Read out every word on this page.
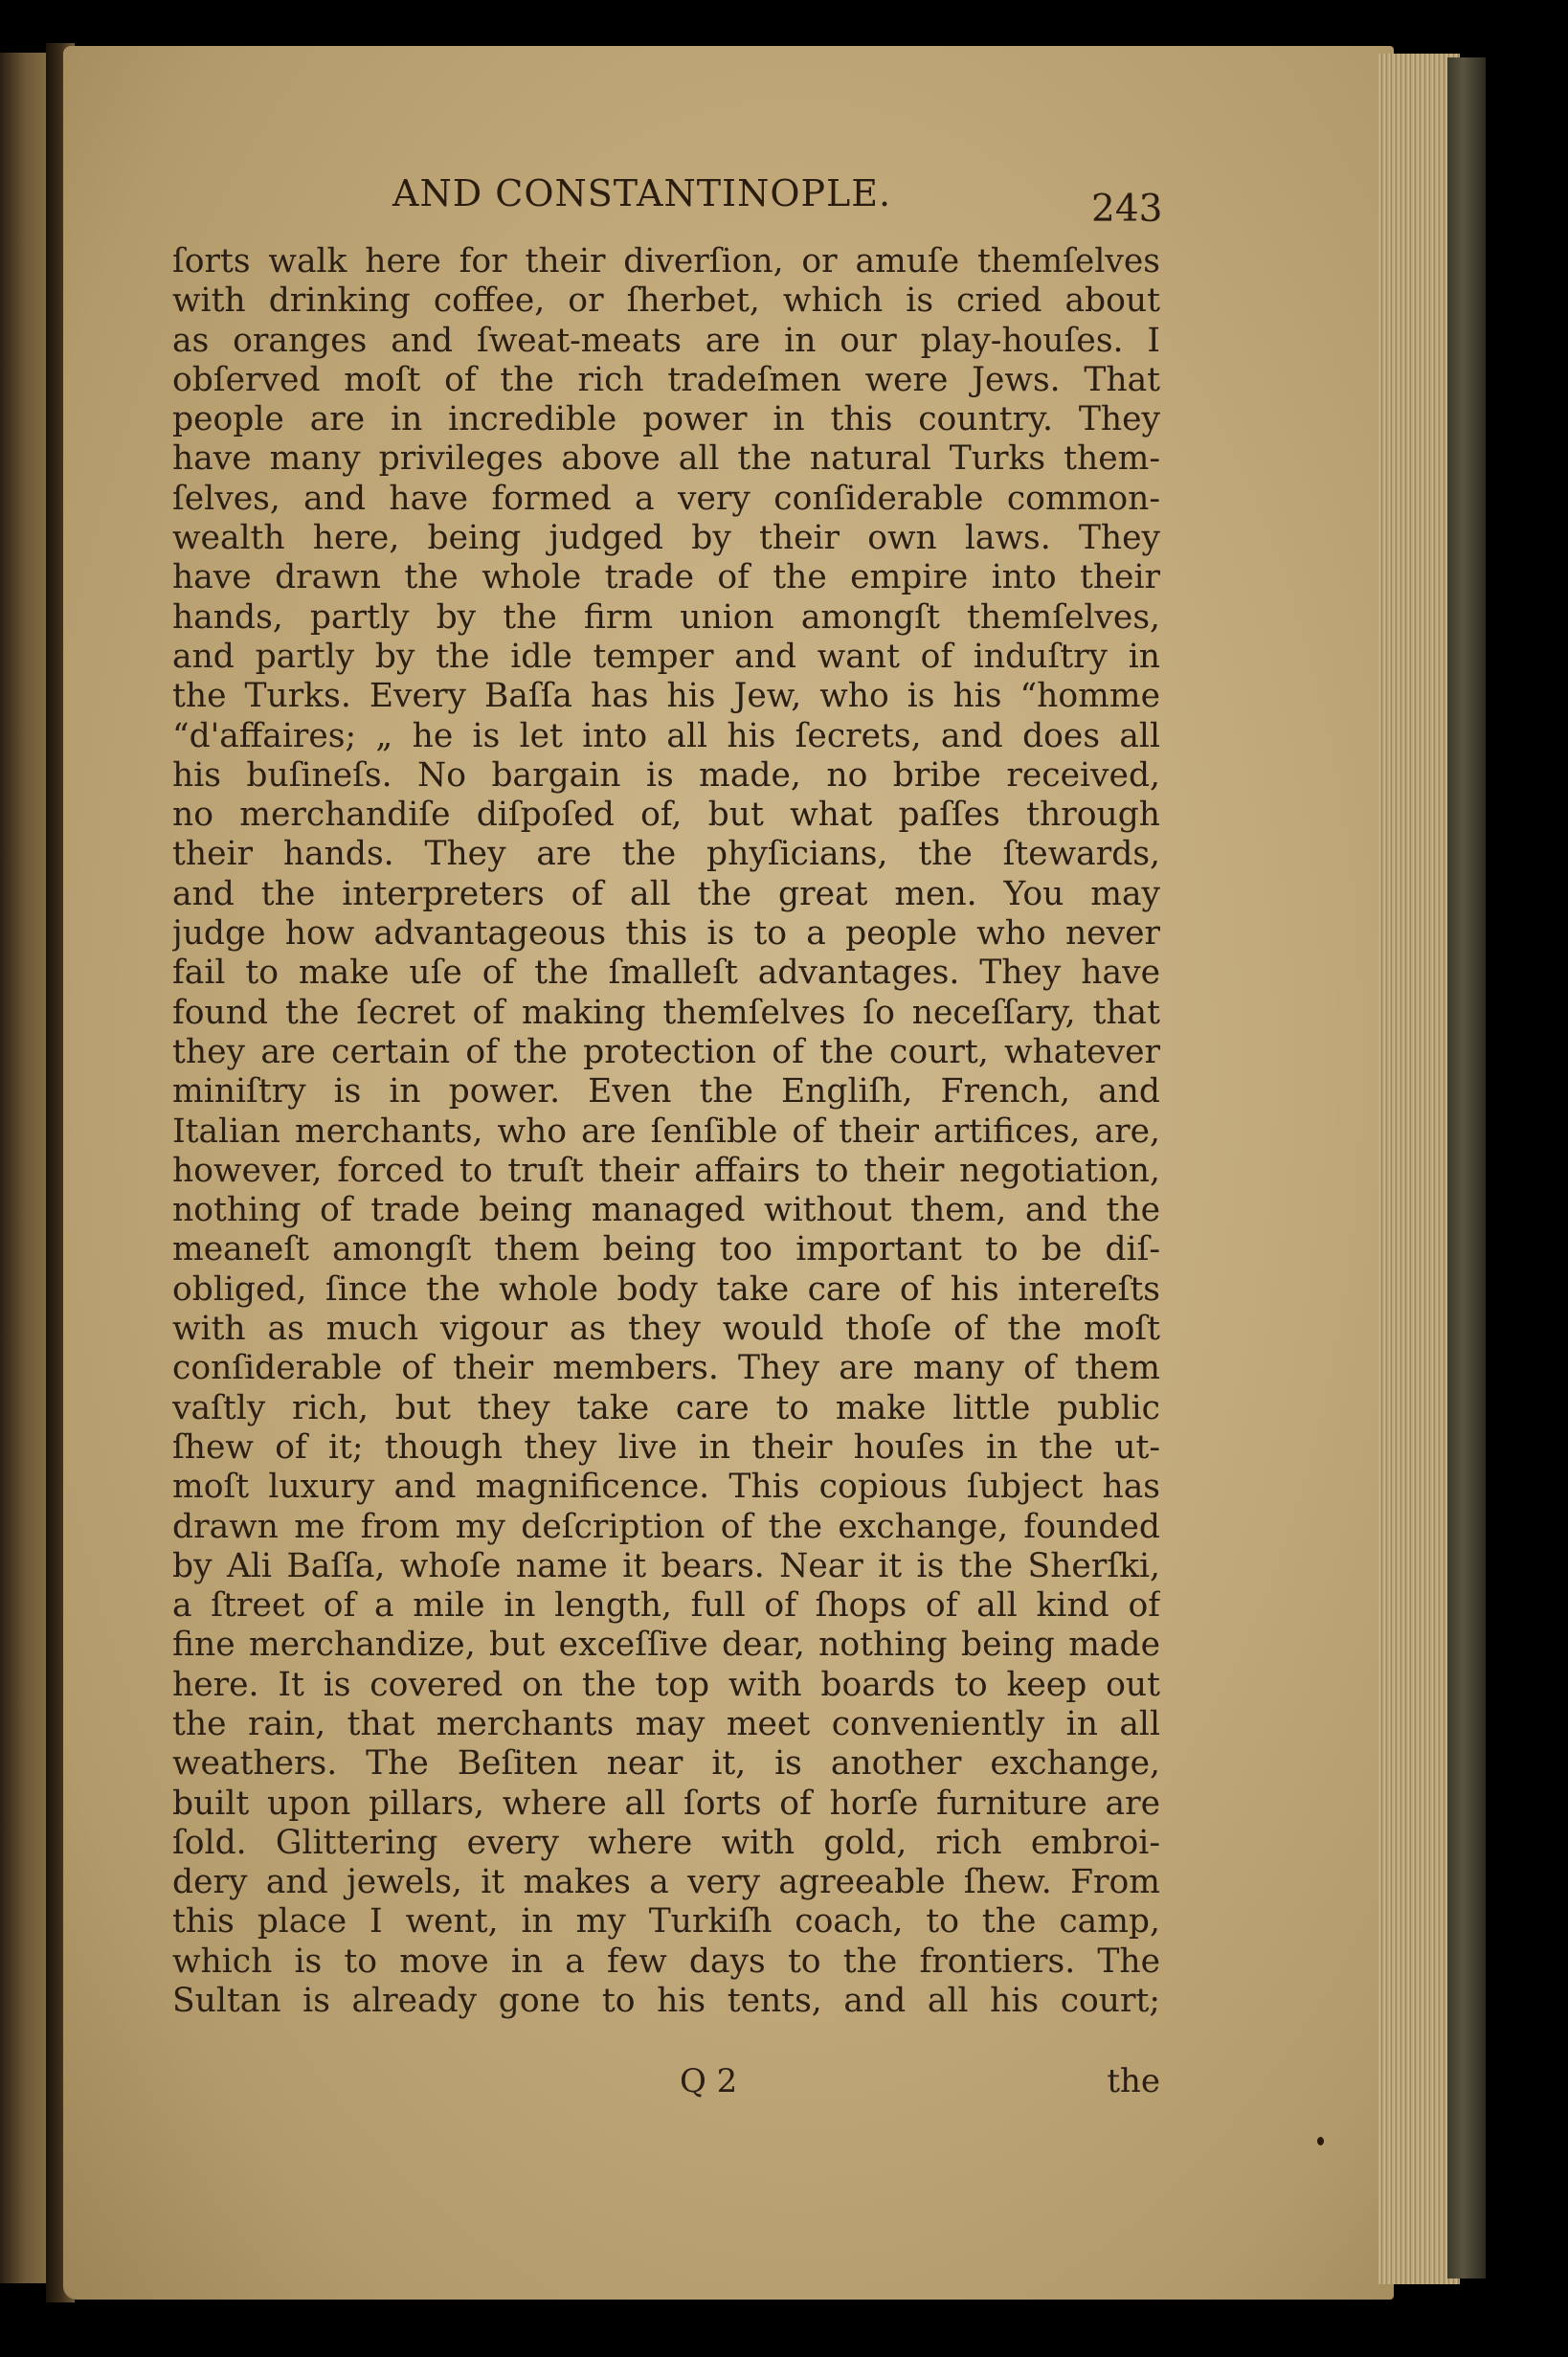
AND CONSTANTINOPLE.	243
ſorts walk here for their diverſion, or amuſe themſelves
with drinking coffee, or ſherbet, which is cried about
as oranges and ſweat-meats are in our play-houſes. I
obſerved moſt of the rich tradeſmen were Jews. That
people are in incredible power in this country. They
have many privileges above all the natural Turks them-
ſelves, and have formed a very conſiderable common-
wealth here, being judged by their own laws. They
have drawn the whole trade of the empire into their
hands, partly by the firm union amongſt themſelves,
and partly by the idle temper and want of induſtry in
the Turks. Every Baſſa has his Jew, who is his “homme
“d'affaires; „ he is let into all his ſecrets, and does all
his buſineſs. No bargain is made, no bribe received,
no merchandiſe diſpoſed of, but what paſſes through
their hands. They are the phyſicians, the ſtewards,
and the interpreters of all the great men. You may
judge how advantageous this is to a people who never
fail to make uſe of the ſmalleſt advantages. They have
found the ſecret of making themſelves ſo neceſſary, that
they are certain of the protection of the court, whatever
miniſtry is in power. Even the Engliſh, French, and
Italian merchants, who are ſenſible of their artifices, are,
however, forced to truſt their affairs to their negotiation,
nothing of trade being managed without them, and the
meaneſt amongſt them being too important to be diſ-
obliged, ſince the whole body take care of his intereſts
with as much vigour as they would thoſe of the moſt
conſiderable of their members. They are many of them
vaſtly rich, but they take care to make little public
ſhew of it; though they live in their houſes in the ut-
moſt luxury and magnificence. This copious ſubject has
drawn me from my deſcription of the exchange, founded
by Ali Baſſa, whoſe name it bears. Near it is the Sherſki,
a ſtreet of a mile in length, full of ſhops of all kind of
fine merchandize, but exceſſive dear, nothing being made
here. It is covered on the top with boards to keep out
the rain, that merchants may meet conveniently in all
weathers. The Beſiten near it, is another exchange,
built upon pillars, where all ſorts of horſe furniture are
ſold. Glittering every where with gold, rich embroi-
dery and jewels, it makes a very agreeable ſhew. From
this place I went, in my Turkiſh coach, to the camp,
which is to move in a few days to the frontiers. The
Sultan is already gone to his tents, and all his court;
Q 2	the
